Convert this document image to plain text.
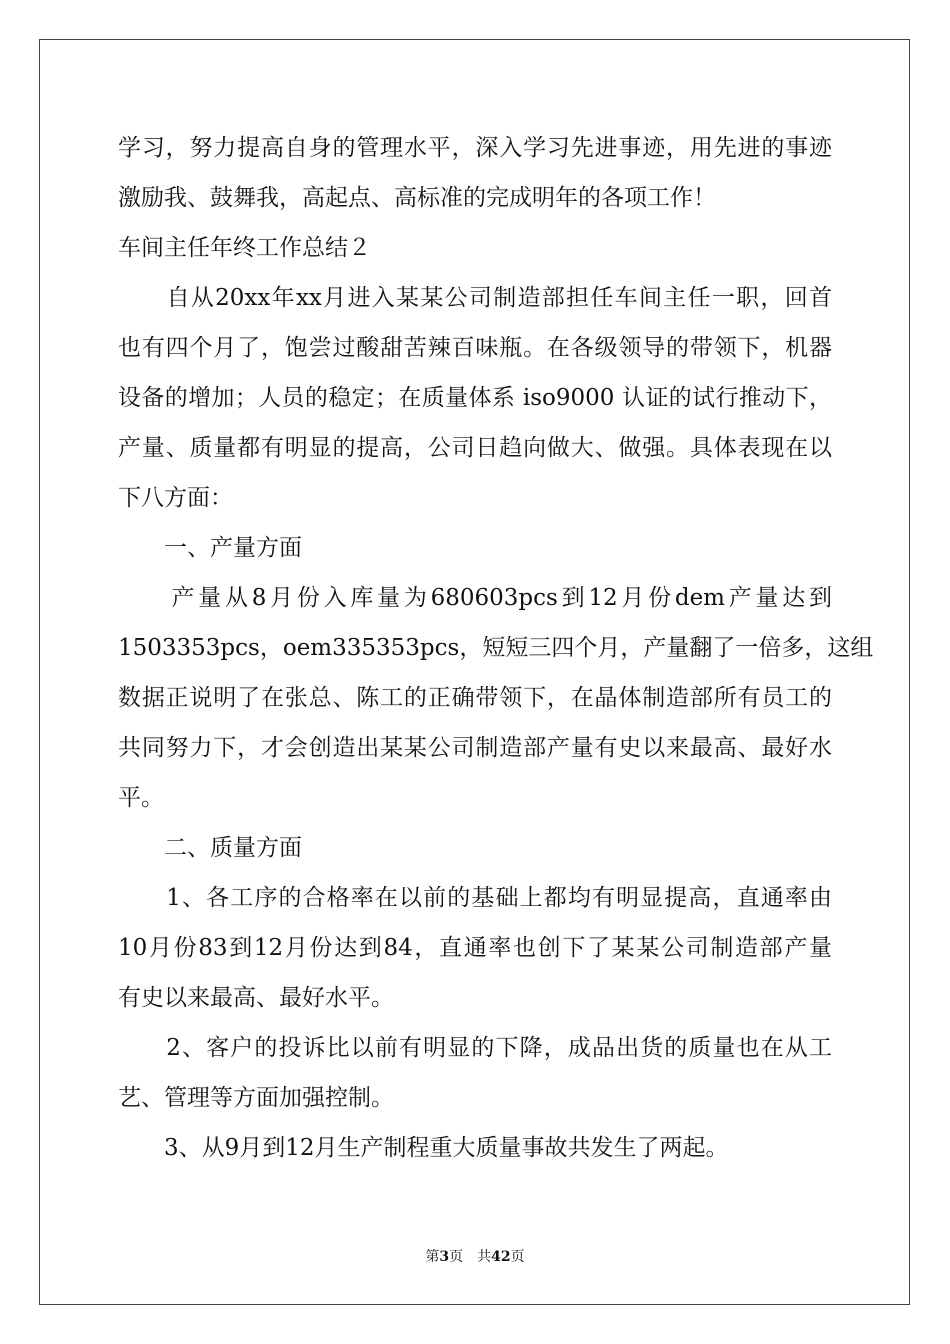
学习，努力提高自身的管理水平，深入学习先进事迹，用先进的事迹
激励我、鼓舞我，高起点、高标准的完成明年的各项工作！
车间主任年终工作总结２
　　自从20xx年xx月进入某某公司制造部担任车间主任一职，回首
也有四个月了，饱尝过酸甜苦辣百味瓶。在各级领导的带领下，机器
设备的增加；人员的稳定；在质量体系 iso9000 认证的试行推动下，
产量、质量都有明显的提高，公司日趋向做大、做强。具体表现在以
下八方面：
　　一、产量方面
　　产量从8月份入库量为680603pcs到12月份dem产量达到
1503353pcs，oem335353pcs，短短三四个月，产量翻了一倍多，这组
数据正说明了在张总、陈工的正确带领下，在晶体制造部所有员工的
共同努力下，才会创造出某某公司制造部产量有史以来最高、最好水
平。
　　二、质量方面
　　1、各工序的合格率在以前的基础上都均有明显提高，直通率由
10月份83到12月份达到84，直通率也创下了某某公司制造部产量
有史以来最高、最好水平。
　　2、客户的投诉比以前有明显的下降，成品出货的质量也在从工
艺、管理等方面加强控制。
　　3、从9月到12月生产制程重大质量事故共发生了两起。
第3页　共42页
